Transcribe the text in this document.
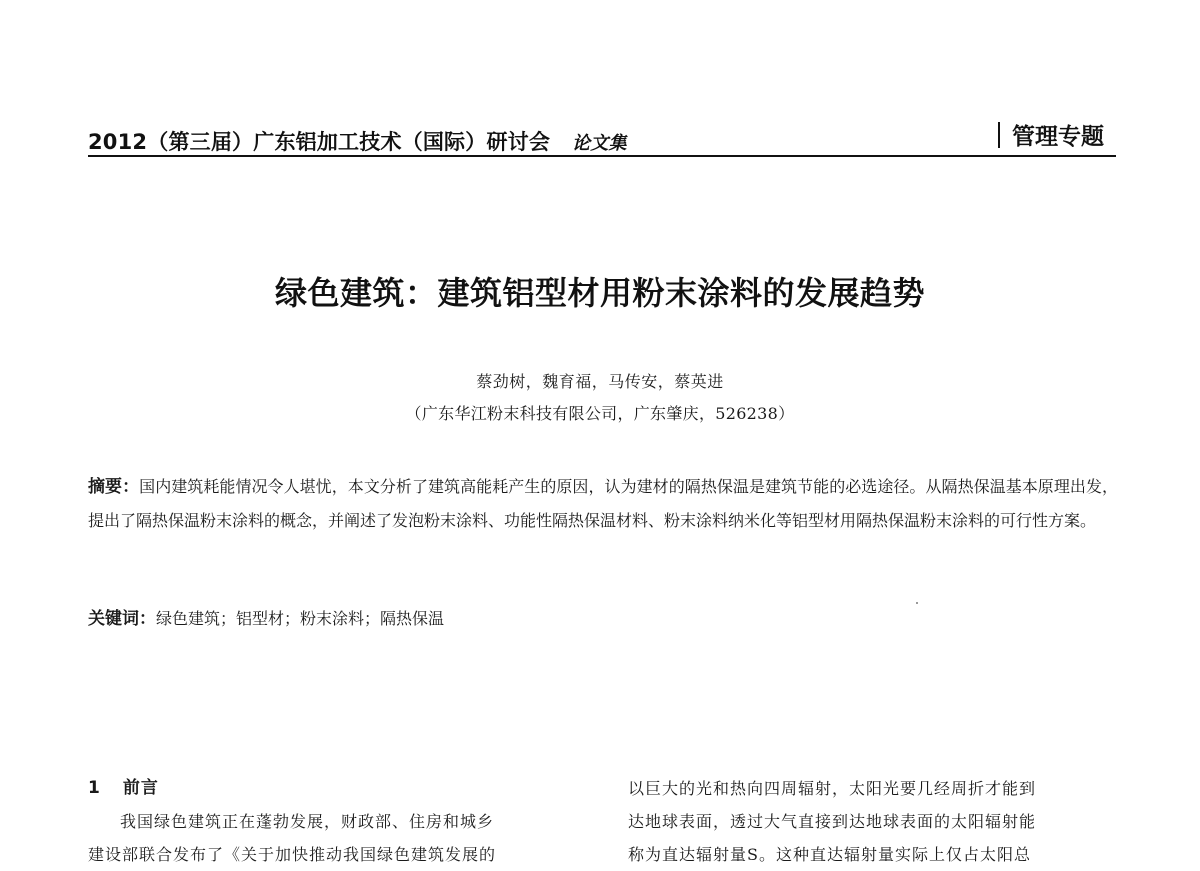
2012（第三届）广东铝加工技术（国际）研讨会 论文集	管理专题
绿色建筑：建筑铝型材用粉末涂料的发展趋势
蔡劲树，魏育福，马传安，蔡英进
（广东华江粉末科技有限公司，广东肇庆，526238）
摘要：国内建筑耗能情况令人堪忧，本文分析了建筑高能耗产生的原因，认为建材的隔热保温是建筑节能的必选途径。从隔热保温基本原理出发，提出了隔热保温粉末涂料的概念，并阐述了发泡粉末涂料、功能性隔热保温材料、粉末涂料纳米化等铝型材用隔热保温粉末涂料的可行性方案。
关键词：绿色建筑；铝型材；粉末涂料；隔热保温
1 前言
我国绿色建筑正在蓬勃发展，财政部、住房和城乡
建设部联合发布了《关于加快推动我国绿色建筑发展的
以巨大的光和热向四周辐射，太阳光要几经周折才能到
达地球表面，透过大气直接到达地球表面的太阳辐射能
称为直达辐射量S。这种直达辐射量实际上仅占太阳总
